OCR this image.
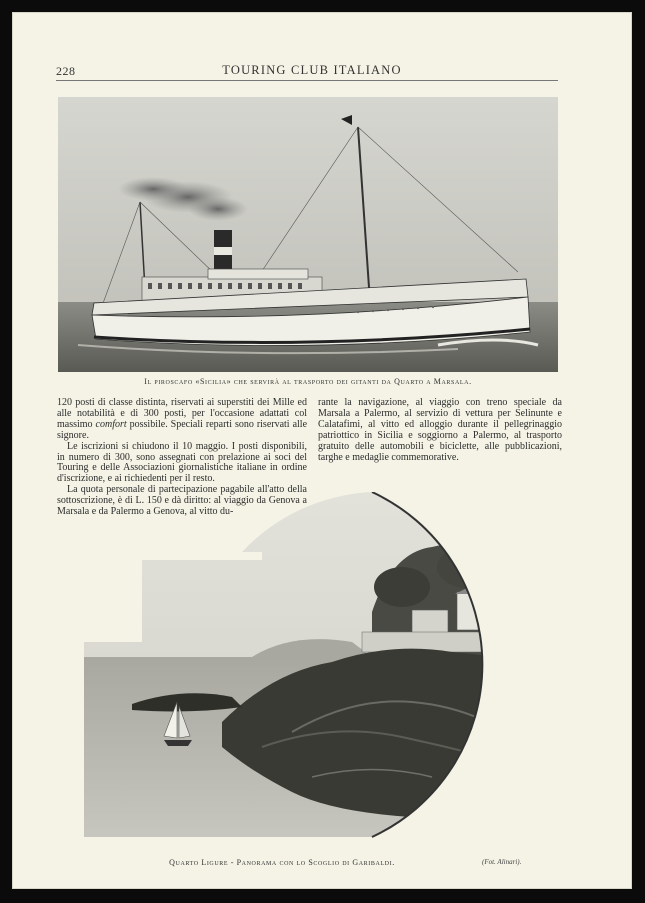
228	TOURING CLUB ITALIANO
Il piroscafo «Sicilia» che servirà al trasporto dei gitanti da Quarto a Marsala.

120 posti di classe distinta, riservati ai superstiti dei Mille ed alle notabilità e di 300 posti, per l'occasione adattati col massimo comfort possibile. Speciali reparti sono riservati alle signore.

Le iscrizioni si chiudono il 10 maggio. I posti disponibili, in numero di 300, sono assegnati con prelazione ai soci del Touring e delle Associazioni giornalistiche italiane in ordine d'iscrizione, e ai richiedenti per il resto.

La quota personale di partecipazione pagabile all'atto della sottoscrizione, è di L. 150 e dà diritto: al viaggio da Genova a Marsala e da Palermo a Genova, al vitto du-

rante la navigazione, al viaggio con treno speciale da Marsala a Palermo, al servizio di vettura per Selinunte e Calatafimi, al vitto ed alloggio durante il pellegrinaggio patriottico in Sicilia e soggiorno a Palermo, al trasporto gratuito delle automobili e biciclette, alle pubblicazioni, targhe e medaglie commemorative.

Quarto Ligure - Panorama con lo Scoglio di Garibaldi.	(Fot. Alinari).
